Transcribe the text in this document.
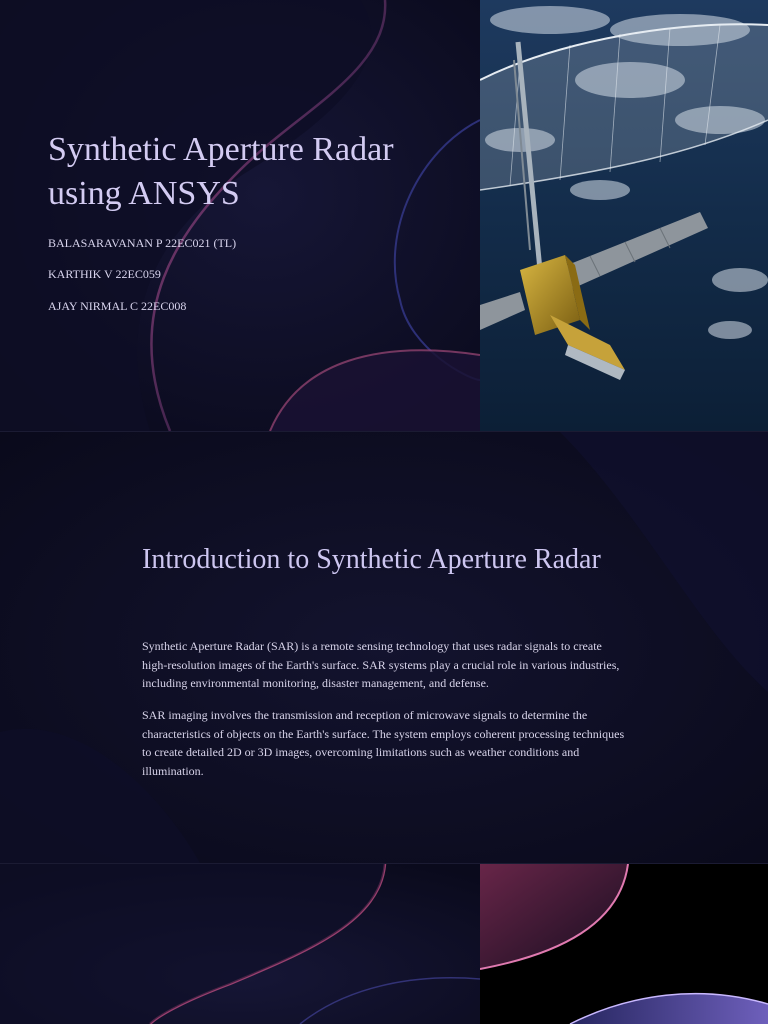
Synthetic Aperture Radar using ANSYS

BALASARAVANAN P 22EC021 (TL)

KARTHIK V 22EC059

AJAY NIRMAL C 22EC008

Introduction to Synthetic Aperture Radar

Synthetic Aperture Radar (SAR) is a remote sensing technology that uses radar signals to create high-resolution images of the Earth's surface. SAR systems play a crucial role in various industries, including environmental monitoring, disaster management, and defense.

SAR imaging involves the transmission and reception of microwave signals to determine the characteristics of objects on the Earth's surface. The system employs coherent processing techniques to create detailed 2D or 3D images, overcoming limitations such as weather conditions and illumination.
